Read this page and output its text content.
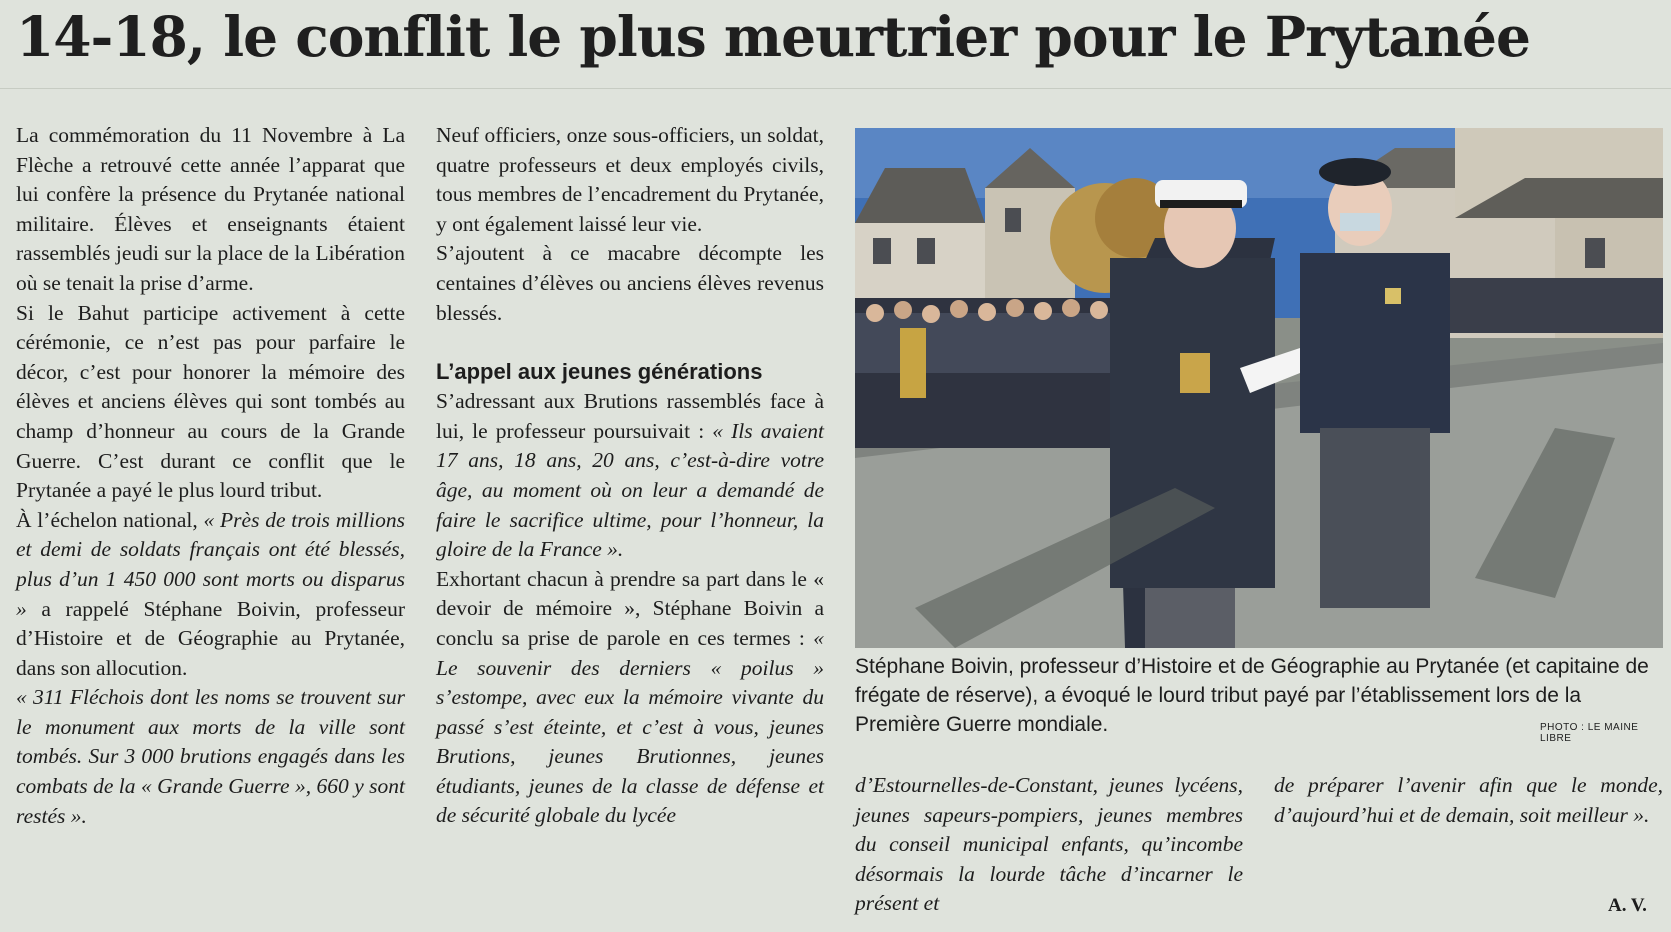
14-18, le conflit le plus meurtrier pour le Prytanée

La commémoration du 11 Novembre à La Flèche a retrouvé cette année l’apparat que lui confère la présence du Prytanée national militaire. Élèves et enseignants étaient rassemblés jeudi sur la place de la Libération où se tenait la prise d’arme.

Si le Bahut participe activement à cette cérémonie, ce n’est pas pour parfaire le décor, c’est pour honorer la mémoire des élèves et anciens élèves qui sont tombés au champ d’honneur au cours de la Grande Guerre. C’est durant ce conflit que le Prytanée a payé le plus lourd tribut.

À l’échelon national, « Près de trois millions et demi de soldats français ont été blessés, plus d’un 1 450 000 sont morts ou disparus » a rappelé Stéphane Boivin, professeur d’Histoire et de Géographie au Prytanée, dans son allocution.

« 311 Fléchois dont les noms se trouvent sur le monument aux morts de la ville sont tombés. Sur 3 000 brutions engagés dans les combats de la « Grande Guerre », 660 y sont restés ».

Neuf officiers, onze sous-officiers, un soldat, quatre professeurs et deux employés civils, tous membres de l’encadrement du Prytanée, y ont également laissé leur vie.

S’ajoutent à ce macabre décompte les centaines d’élèves ou anciens élèves revenus blessés.

L’appel aux jeunes générations

S’adressant aux Brutions rassemblés face à lui, le professeur poursuivait : « Ils avaient 17 ans, 18 ans, 20 ans, c’est-à-dire votre âge, au moment où on leur a demandé de faire le sacrifice ultime, pour l’honneur, la gloire de la France ».

Exhortant chacun à prendre sa part dans le « devoir de mémoire », Stéphane Boivin a conclu sa prise de parole en ces termes : « Le souvenir des derniers « poilus » s’estompe, avec eux la mémoire vivante du passé s’est éteinte, et c’est à vous, jeunes Brutions, jeunes Brutionnes, jeunes étudiants, jeunes de la classe de défense et de sécurité globale du lycée

Stéphane Boivin, professeur d’Histoire et de Géographie au Prytanée (et capitaine de frégate de réserve), a évoqué le lourd tribut payé par l’établissement lors de la Première Guerre mondiale.	PHOTO : LE MAINE LIBRE

d’Estournelles-de-Constant, jeunes lycéens, jeunes sapeurs-pompiers, jeunes membres du conseil municipal enfants, qu’incombe désormais la lourde tâche d’incarner le présent et

de préparer l’avenir afin que le monde, d’aujourd’hui et de demain, soit meilleur ».

A. V.
